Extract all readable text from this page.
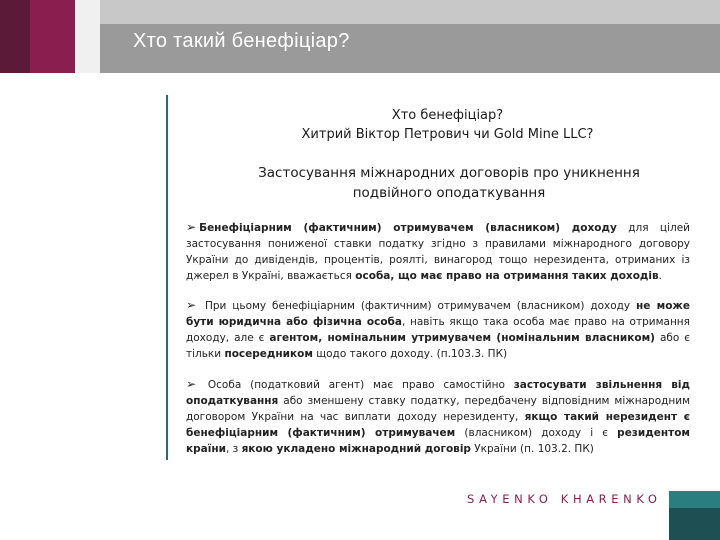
Хто такий бенефіціар?
Хто бенефіціар?
Хитрий Віктор Петрович чи Gold Mine LLC?
Застосування міжнародних договорів про уникнення
подвійного оподаткування
➢ Бенефіціарним (фактичним) отримувачем (власником) доходу для цілей застосування пониженої ставки податку згідно з правилами міжнародного договору України до дивідендів, процентів, роялті, винагород тощо нерезидента, отриманих із джерел в Україні, вважається особа, що має право на отримання таких доходів.
➢ При цьому бенефіціарним (фактичним) отримувачем (власником) доходу не може бути юридична або фізична особа, навіть якщо така особа має право на отримання доходу, але є агентом, номінальним утримувачем (номінальним власником) або є тільки посередником щодо такого доходу. (п.103.3. ПК)
➢ Особа (податковий агент) має право самостійно застосувати звільнення від оподаткування або зменшену ставку податку, передбачену відповідним міжнародним договором України на час виплати доходу нерезиденту, якщо такий нерезидент є бенефіціарним (фактичним) отримувачем (власником) доходу і є резидентом країни, з якою укладено міжнародний договір України (п. 103.2. ПК)
SAYENKO KHARENKO
